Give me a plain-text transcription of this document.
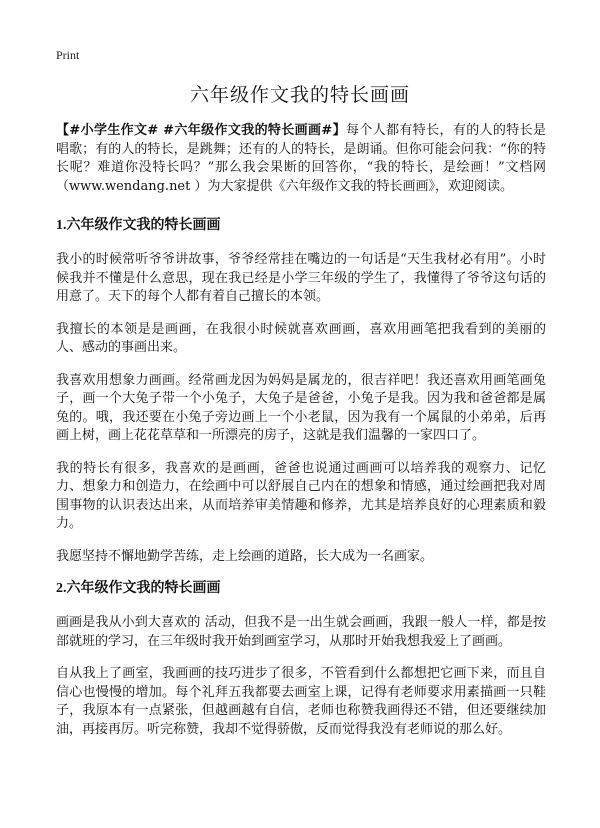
Print
六年级作文我的特长画画

【#小学生作文# #六年级作文我的特长画画#】每个人都有特长，有的人的特长是唱歌；有的人的特长，是跳舞；还有的人的特长，是朗诵。但你可能会问我：“你的特长呢？难道你没特长吗？”那么我会果断的回答你，“我的特长，是绘画！”文档网（www.wendang.net ）为大家提供《六年级作文我的特长画画》，欢迎阅读。

1.六年级作文我的特长画画

我小的时候常听爷爷讲故事，爷爷经常挂在嘴边的一句话是“天生我材必有用”。小时候我并不懂是什么意思，现在我已经是小学三年级的学生了，我懂得了爷爷这句话的用意了。天下的每个人都有着自己擅长的本领。

我擅长的本领是是画画，在我很小时候就喜欢画画，喜欢用画笔把我看到的美丽的人、感动的事画出来。

我喜欢用想象力画画。经常画龙因为妈妈是属龙的，很吉祥吧！我还喜欢用画笔画兔子，画一个大兔子带一个小兔子，大兔子是爸爸，小兔子是我。因为我和爸爸都是属兔的。哦，我还要在小兔子旁边画上一个小老鼠，因为我有一个属鼠的小弟弟，后再画上树，画上花花草草和一所漂亮的房子，这就是我们温馨的一家四口了。

我的特长有很多，我喜欢的是画画，爸爸也说通过画画可以培养我的观察力、记忆力、想象力和创造力，在绘画中可以舒展自己内在的想象和情感，通过绘画把我对周围事物的认识表达出来，从而培养审美情趣和修养，尤其是培养良好的心理素质和毅力。

我愿坚持不懈地勤学苦练，走上绘画的道路，长大成为一名画家。

2.六年级作文我的特长画画

画画是我从小到大喜欢的 活动，但我不是一出生就会画画，我跟一般人一样，都是按部就班的学习，在三年级时我开始到画室学习，从那时开始我想我爱上了画画。

自从我上了画室，我画画的技巧进步了很多，不管看到什么都想把它画下来，而且自信心也慢慢的增加。每个礼拜五我都要去画室上课，记得有老师要求用素描画一只鞋子，我原本有一点紧张，但越画越有自信，老师也称赞我画得还不错，但还要继续加油，再接再厉。听完称赞，我却不觉得骄傲，反而觉得我没有老师说的那么好。
